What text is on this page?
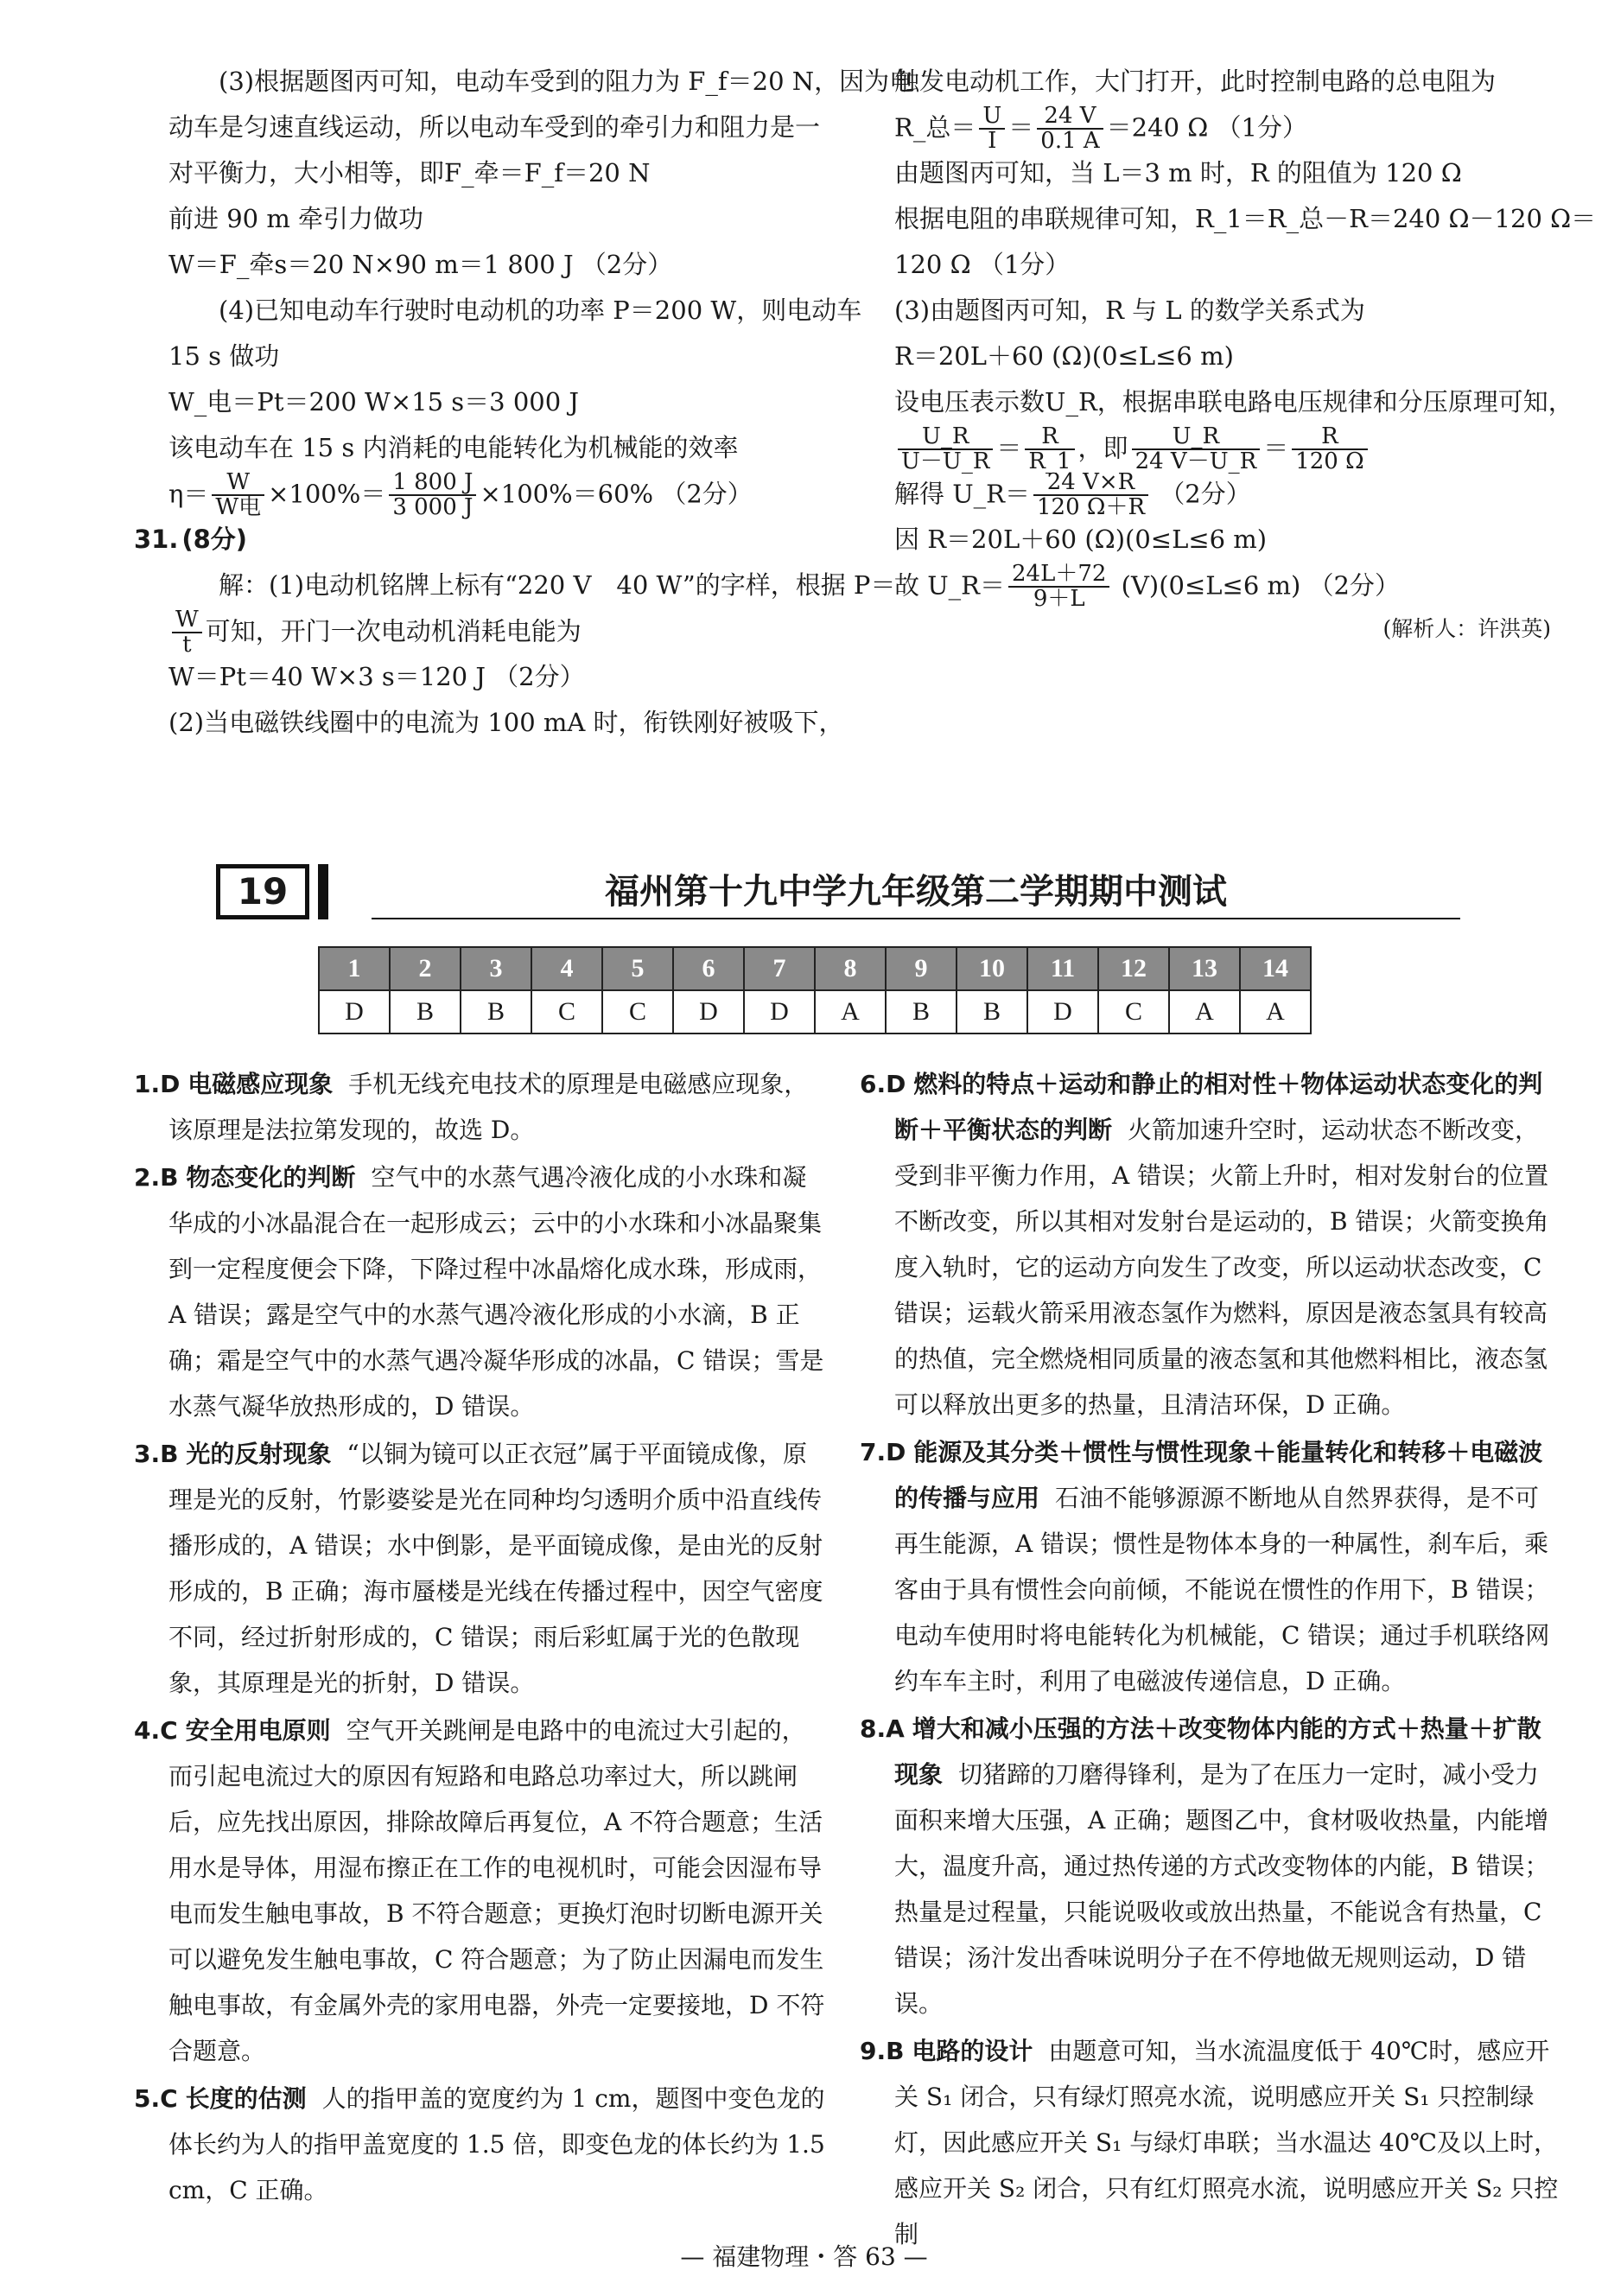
(3)根据题图丙可知，电动车受到的阻力为 F_f＝20 N，因为电
动车是匀速直线运动，所以电动车受到的牵引力和阻力是一
对平衡力，大小相等，即F_牵＝F_f＝20 N
前进 90 m 牵引力做功
W＝F_牵s＝20 N×90 m＝1 800 J （2分）
(4)已知电动车行驶时电动机的功率 P＝200 W，则电动车
15 s 做功
W_电＝Pt＝200 W×15 s＝3 000 J
该电动车在 15 s 内消耗的电能转化为机械能的效率
$\eta= \frac{W}{\text{W电}} \times 100\%= \frac{1 800 J}{3 000 J} \times 100\%=60\%$ （2分）
31. (8分)
解：(1)电动机铭牌上标有“220 V　40 W”的字样，根据 P＝
$\frac{W}{t}$ 可知，开门一次电动机消耗电能为
W＝Pt＝40 W×3 s＝120 J （2分）
(2)当电磁铁线圈中的电流为 100 mA 时，衔铁刚好被吸下，
触发电动机工作，大门打开，此时控制电路的总电阻为
R_总＝ $\frac{U}{I} = \frac{24 V}{0.1 A} =240$ Ω （1分）
由题图丙可知，当 L＝3 m 时，R 的阻值为 120 Ω
根据电阻的串联规律可知，R_1＝R_总－R＝240 Ω－120 Ω＝
120 Ω （1分）
(3)由题图丙可知，R 与 L 的数学关系式为
R＝20L＋60 (Ω)(0≤L≤6 m)
设电压表示数U_R，根据串联电路电压规律和分压原理可知，
$\frac{U\_R}{U-U\_R} = \frac{R}{R\_1}$ ，即 $\frac{U\_R}{24 V-U\_R} = \frac{R}{120 \Omega}$
解得 U_R＝ $\frac{24 V\times R}{120 \Omega+R} (2$分）
因 R＝20L＋60 (Ω)(0≤L≤6 m)
故 U_R＝ $\frac{24L+72}{9+L} (V)(0\le L\le 6$ m) （2分）
(解析人：许洪英)
19	福州第十九中学九年级第二学期期中测试
1	2	3	4	5	6	7	8	9	10	11	12	13	14
D	B	B	C	C	D	D	A	B	B	D	C	A	A
1.D 电磁感应现象 手机无线充电技术的原理是电磁感应现象，该原理是法拉第发现的，故选 D。
2.B 物态变化的判断 空气中的水蒸气遇冷液化成的小水珠和凝华成的小冰晶混合在一起形成云；云中的小水珠和小冰晶聚集到一定程度便会下降，下降过程中冰晶熔化成水珠，形成雨，A 错误；露是空气中的水蒸气遇冷液化形成的小水滴，B 正确；霜是空气中的水蒸气遇冷凝华形成的冰晶，C 错误；雪是水蒸气凝华放热形成的，D 错误。
3.B 光的反射现象 “以铜为镜可以正衣冠”属于平面镜成像，原理是光的反射，竹影婆娑是光在同种均匀透明介质中沿直线传播形成的，A 错误；水中倒影，是平面镜成像，是由光的反射形成的，B 正确；海市蜃楼是光线在传播过程中，因空气密度不同，经过折射形成的，C 错误；雨后彩虹属于光的色散现象，其原理是光的折射，D 错误。
4.C 安全用电原则 空气开关跳闸是电路中的电流过大引起的，而引起电流过大的原因有短路和电路总功率过大，所以跳闸后，应先找出原因，排除故障后再复位，A 不符合题意；生活用水是导体，用湿布擦正在工作的电视机时，可能会因湿布导电而发生触电事故，B 不符合题意；更换灯泡时切断电源开关可以避免发生触电事故，C 符合题意；为了防止因漏电而发生触电事故，有金属外壳的家用电器，外壳一定要接地，D 不符合题意。
5.C 长度的估测 人的指甲盖的宽度约为 1 cm，题图中变色龙的体长约为人的指甲盖宽度的 1.5 倍，即变色龙的体长约为 1.5 cm，C 正确。
6.D 燃料的特点＋运动和静止的相对性＋物体运动状态变化的判断＋平衡状态的判断 火箭加速升空时，运动状态不断改变，受到非平衡力作用，A 错误；火箭上升时，相对发射台的位置不断改变，所以其相对发射台是运动的，B 错误；火箭变换角度入轨时，它的运动方向发生了改变，所以运动状态改变，C 错误；运载火箭采用液态氢作为燃料，原因是液态氢具有较高的热值，完全燃烧相同质量的液态氢和其他燃料相比，液态氢可以释放出更多的热量，且清洁环保，D 正确。
7.D 能源及其分类＋惯性与惯性现象＋能量转化和转移＋电磁波的传播与应用 石油不能够源源不断地从自然界获得，是不可再生能源，A 错误；惯性是物体本身的一种属性，刹车后，乘客由于具有惯性会向前倾，不能说在惯性的作用下，B 错误；电动车使用时将电能转化为机械能，C 错误；通过手机联络网约车车主时，利用了电磁波传递信息，D 正确。
8.A 增大和减小压强的方法＋改变物体内能的方式＋热量＋扩散现象 切猪蹄的刀磨得锋利，是为了在压力一定时，减小受力面积来增大压强，A 正确；题图乙中，食材吸收热量，内能增大，温度升高，通过热传递的方式改变物体的内能，B 错误；热量是过程量，只能说吸收或放出热量，不能说含有热量，C 错误；汤汁发出香味说明分子在不停地做无规则运动，D 错误。
9.B 电路的设计 由题意可知，当水流温度低于 40℃时，感应开关 S₁ 闭合，只有绿灯照亮水流，说明感应开关 S₁ 只控制绿灯，因此感应开关 S₁ 与绿灯串联；当水温达 40℃及以上时，感应开关 S₂ 闭合，只有红灯照亮水流，说明感应开关 S₂ 只控制
— 福建物理・答 63 —
